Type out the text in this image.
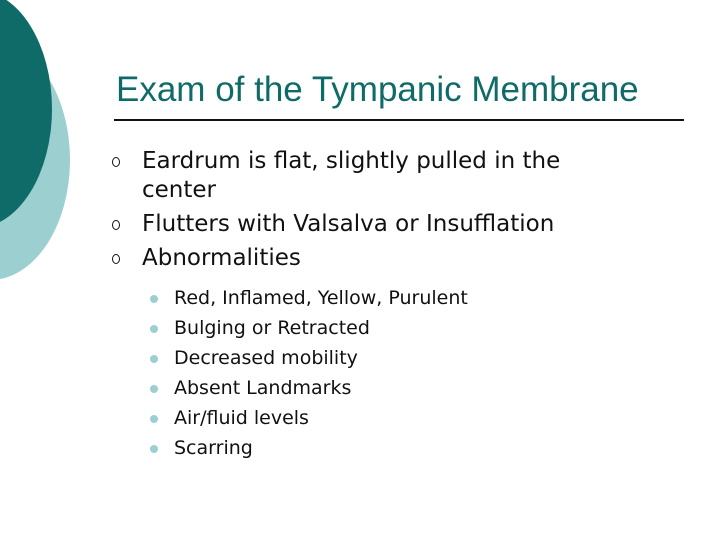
Exam of the Tympanic Membrane
Eardrum is flat, slightly pulled in the center
Flutters with Valsalva or Insufflation
Abnormalities
Red, Inflamed, Yellow, Purulent
Bulging or Retracted
Decreased mobility
Absent Landmarks
Air/fluid levels
Scarring
